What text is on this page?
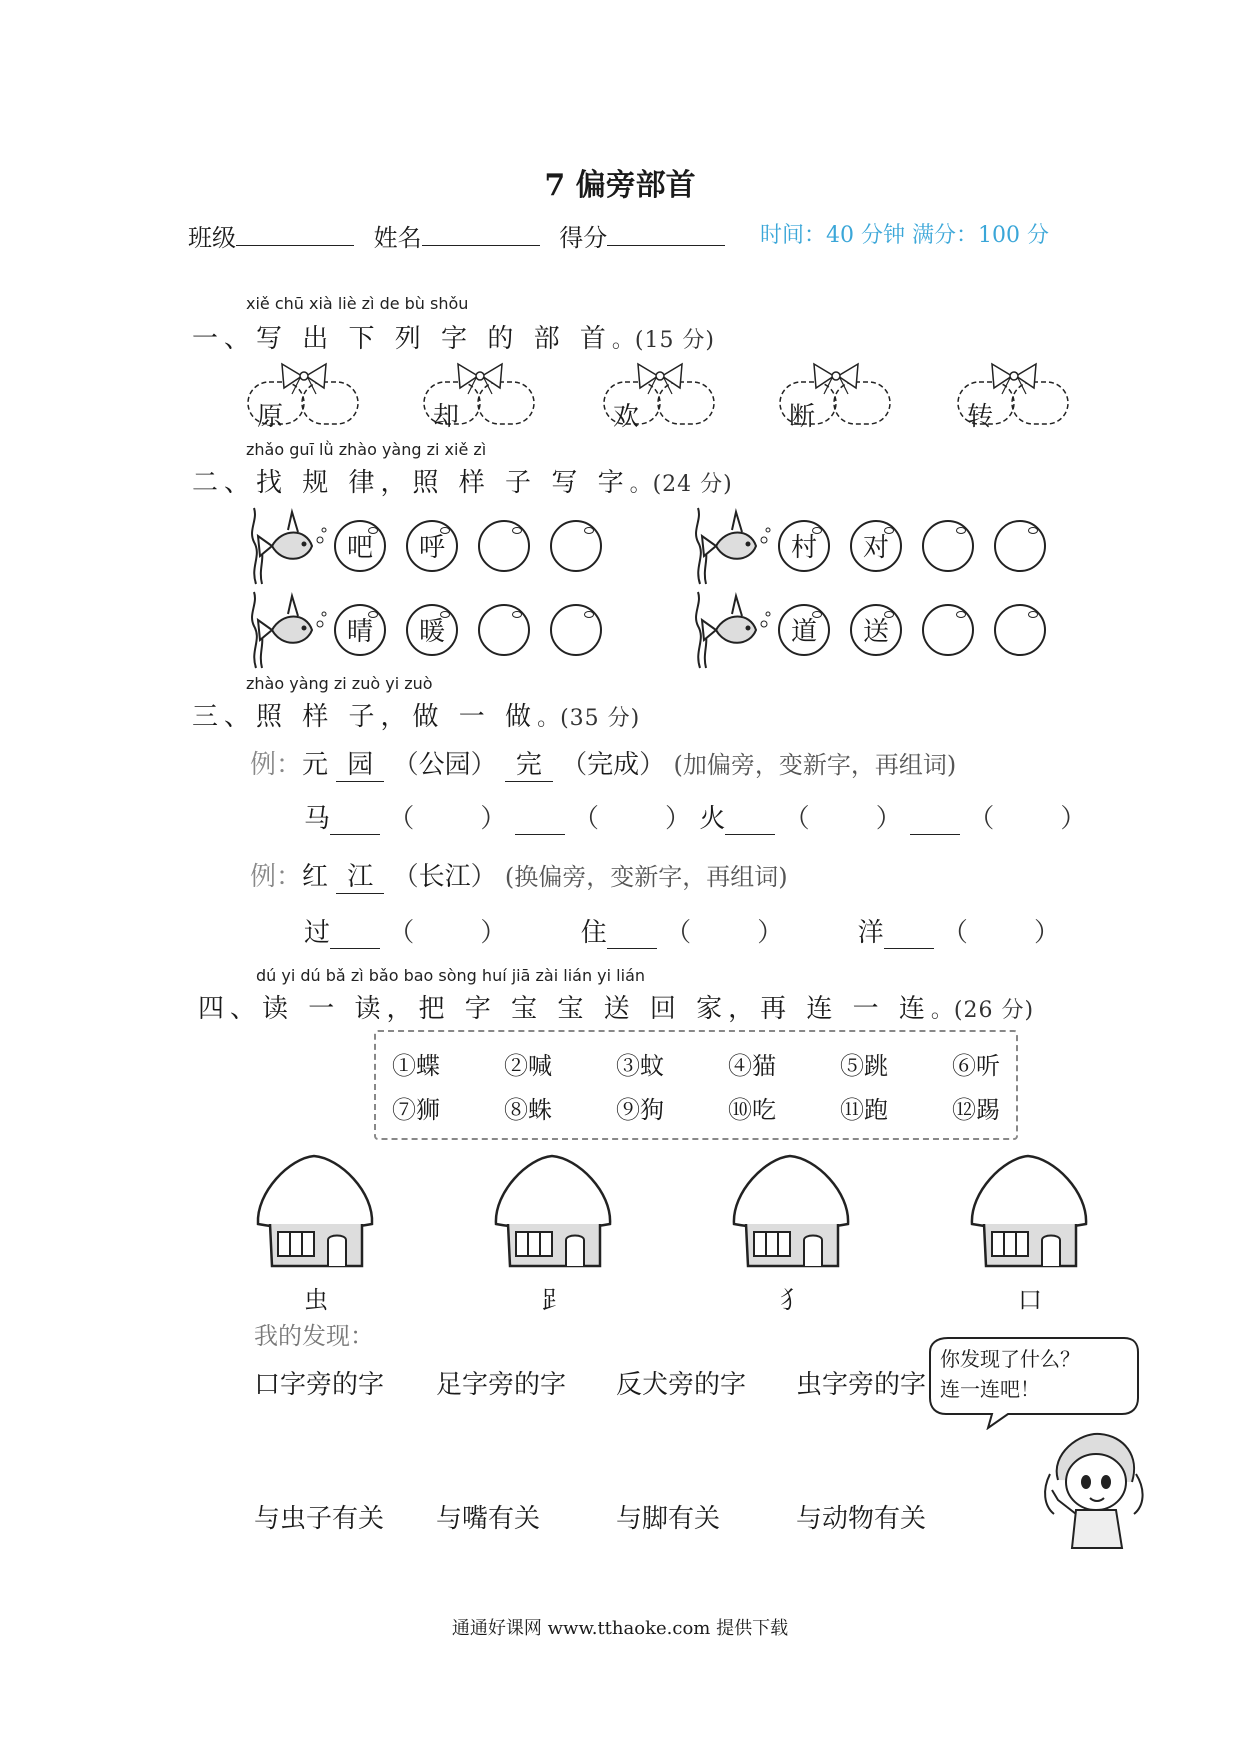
7 偏旁部首
班级	姓名	得分	时间：40 分钟 满分：100 分
xiě chū xià liè zì de bù shǒu
一、写 出 下 列 字 的 部 首。(15 分)
原	却	欢	断	转
zhǎo guī lǜ zhào yàng zi xiě zì
二、找 规 律，照 样 子 写 字。(24 分)
吧	呼	村	对
晴	暖	道	送
zhào yàng zi zuò yi zuò
三、照 样 子，做 一 做。(35 分)
例：元 园 （公园） 完 （完成） (加偏旁，变新字，再组词)
马 （        ）	（        ） 火 （        ）	（        ）
例：红 江 （长江） (换偏旁，变新字，再组词)
过 （        ）	住 （        ）	洋 （        ）
dú yi dú bǎ zì bǎo bao sòng huí jiā zài lián yi lián
四、读 一 读，把 字 宝 宝 送 回 家，再 连 一 连。(26 分)
①蝶	②喊	③蚊	④猫	⑤跳	⑥听
⑦狮	⑧蛛	⑨狗	⑩吃	⑪跑	⑫踢
虫	𧾷	犭	口
我的发现：
口字旁的字 足字旁的字 反犬旁的字 虫字旁的字
与虫子有关 与嘴有关	与脚有关	与动物有关
你发现了什么？
连一连吧！
通通好课网 www.tthaoke.com 提供下载
